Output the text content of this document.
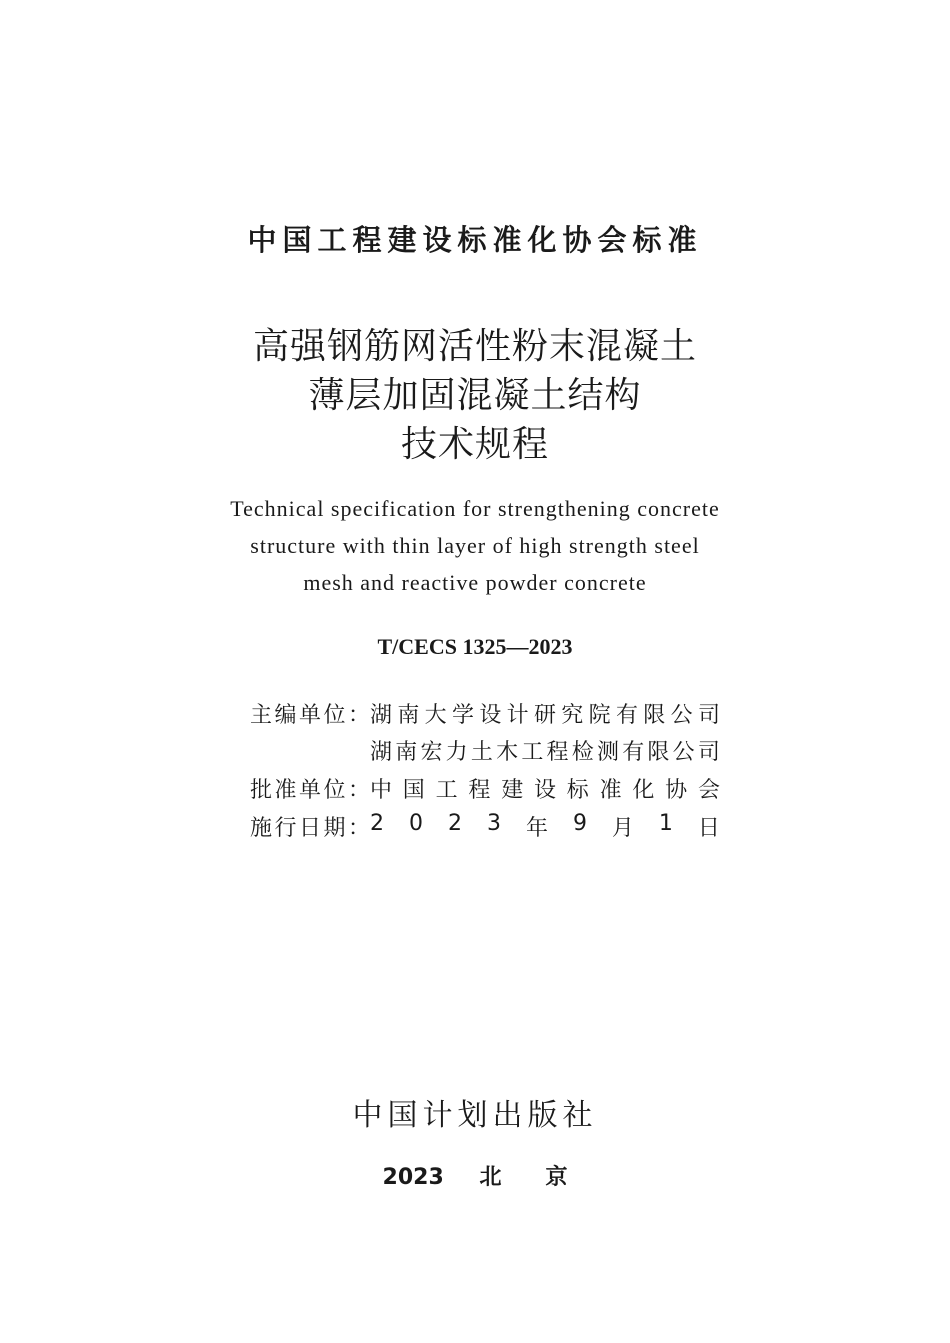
中国工程建设标准化协会标准
高强钢筋网活性粉末混凝土
薄层加固混凝土结构
技术规程
Technical specification for strengthening concrete
structure with thin layer of high strength steel
mesh and reactive powder concrete
T/CECS 1325—2023
主 编 单 位 ： 湖 南 大 学 设 计 研 究 院 有 限 公 司
湖 南 宏 力 土 木 工 程 检 测 有 限 公 司
批 准 单 位 ： 中 国 工 程 建 设 标 准 化 协 会
施 行 日 期 ： 2 0 2 3 年 9 月 1 日
中国计划出版社
2023 北　　京
